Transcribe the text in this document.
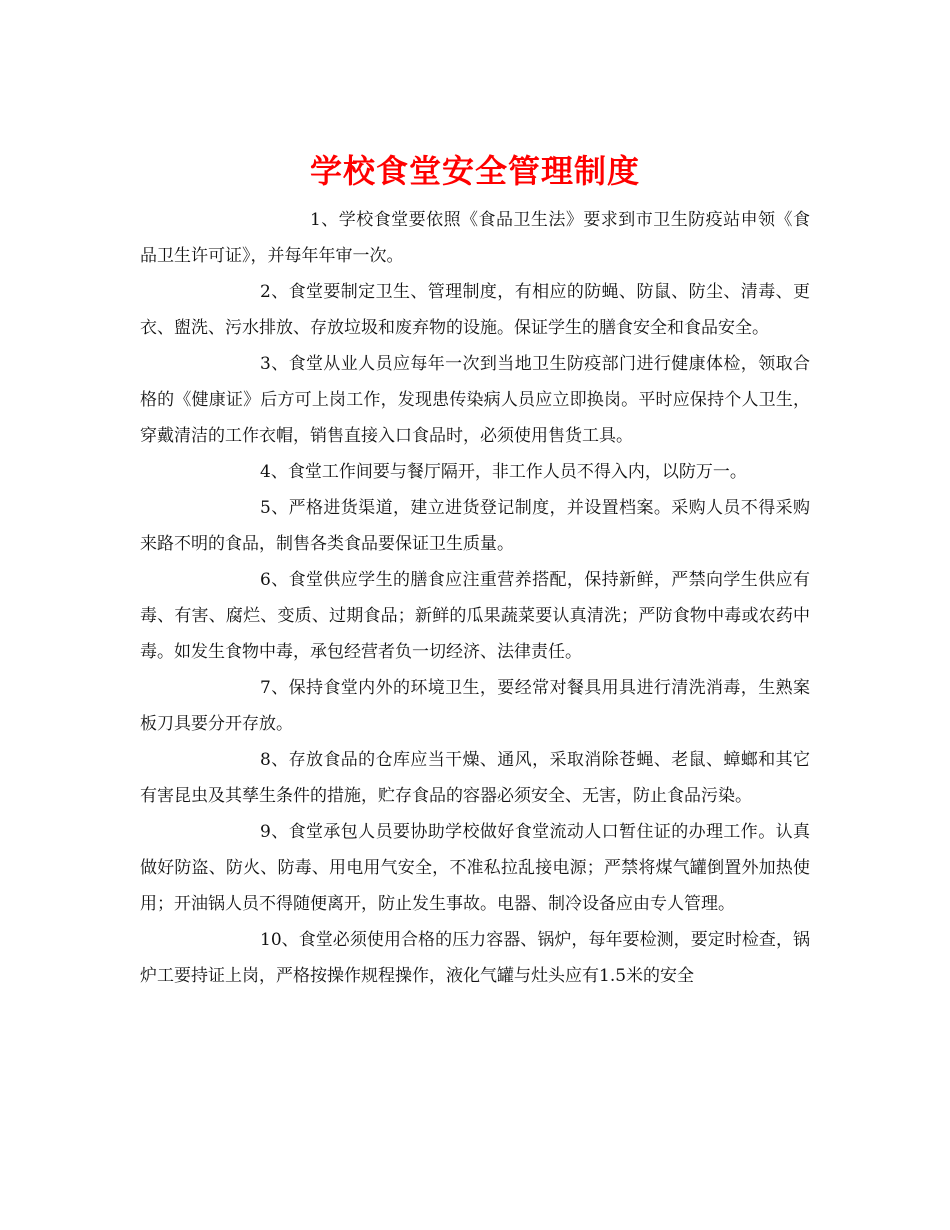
学校食堂安全管理制度

1、学校食堂要依照《食品卫生法》要求到市卫生防疫站申领《食品卫生许可证》，并每年年审一次。

2、食堂要制定卫生、管理制度，有相应的防蝇、防鼠、防尘、清毒、更衣、盥洗、污水排放、存放垃圾和废弃物的设施。保证学生的膳食安全和食品安全。

3、食堂从业人员应每年一次到当地卫生防疫部门进行健康体检，领取合格的《健康证》后方可上岗工作，发现患传染病人员应立即换岗。平时应保持个人卫生，穿戴清洁的工作衣帽，销售直接入口食品时，必须使用售货工具。

4、食堂工作间要与餐厅隔开，非工作人员不得入内，以防万一。

5、严格进货渠道，建立进货登记制度，并设置档案。采购人员不得采购来路不明的食品，制售各类食品要保证卫生质量。

6、食堂供应学生的膳食应注重营养搭配，保持新鲜，严禁向学生供应有毒、有害、腐烂、变质、过期食品；新鲜的瓜果蔬菜要认真清洗；严防食物中毒或农药中毒。如发生食物中毒，承包经营者负一切经济、法律责任。

7、保持食堂内外的环境卫生，要经常对餐具用具进行清洗消毒，生熟案板刀具要分开存放。

8、存放食品的仓库应当干燥、通风，采取消除苍蝇、老鼠、蟑螂和其它有害昆虫及其孳生条件的措施，贮存食品的容器必须安全、无害，防止食品污染。

9、食堂承包人员要协助学校做好食堂流动人口暂住证的办理工作。认真做好防盗、防火、防毒、用电用气安全，不准私拉乱接电源；严禁将煤气罐倒置外加热使用；开油锅人员不得随便离开，防止发生事故。电器、制冷设备应由专人管理。

10、食堂必须使用合格的压力容器、锅炉，每年要检测，要定时检查，锅炉工要持证上岗，严格按操作规程操作，液化气罐与灶头应有1.5米的安全
